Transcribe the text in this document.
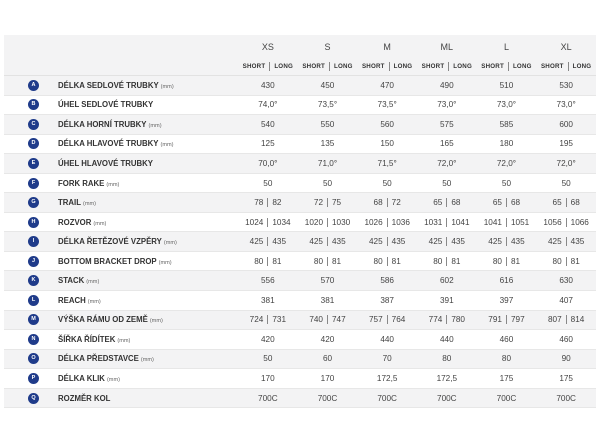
		XS	S	M	ML	L	XL

		SHORT LONG	SHORT LONG	SHORT LONG	SHORT LONG	SHORT LONG	SHORT LONG

A	DÉLKA SEDLOVÉ TRUBKY (mm)	430	450	470	490	510	530
B	ÚHEL SEDLOVÉ TRUBKY	74,0°	73,5°	73,5°	73,0°	73,0°	73,0°
C	DÉLKA HORNÍ TRUBKY (mm)	540	550	560	575	585	600
D	DÉLKA HLAVOVÉ TRUBKY (mm)	125	135	150	165	180	195
E	ÚHEL HLAVOVÉ TRUBKY	70,0°	71,0°	71,5°	72,0°	72,0°	72,0°
F	FORK RAKE (mm)	50	50	50	50	50	50
G	TRAIL (mm)	78 82	72 75	68 72	65 68	65 68	65 68

H	ROZVOR (mm)	1024 1034	1020 1030	1026 1036	1031 1041	1041 1051	1056 1066

I	DÉLKA ŘETĚZOVÉ VZPĚRY (mm)	425 435	425 435	425 435	425 435	425 435	425 435

J	BOTTOM BRACKET DROP (mm)	80 81	80 81	80 81	80 81	80 81	80 81

K	STACK (mm)	556	570	586	602	616	630
L	REACH (mm)	381	381	387	391	397	407
M	VÝŠKA RÁMU OD ZEMĚ (mm)	724 731	740 747	757 764	774 780	791 797	807 814

N	ŠÍŘKA ŘÍDÍTEK (mm)	420	420	440	440	460	460
O	DÉLKA PŘEDSTAVCE (mm)	50	60	70	80	80	90
P	DÉLKA KLIK (mm)	170	170	172,5	172,5	175	175
Q	ROZMĚR KOL	700C	700C	700C	700C	700C	700C
